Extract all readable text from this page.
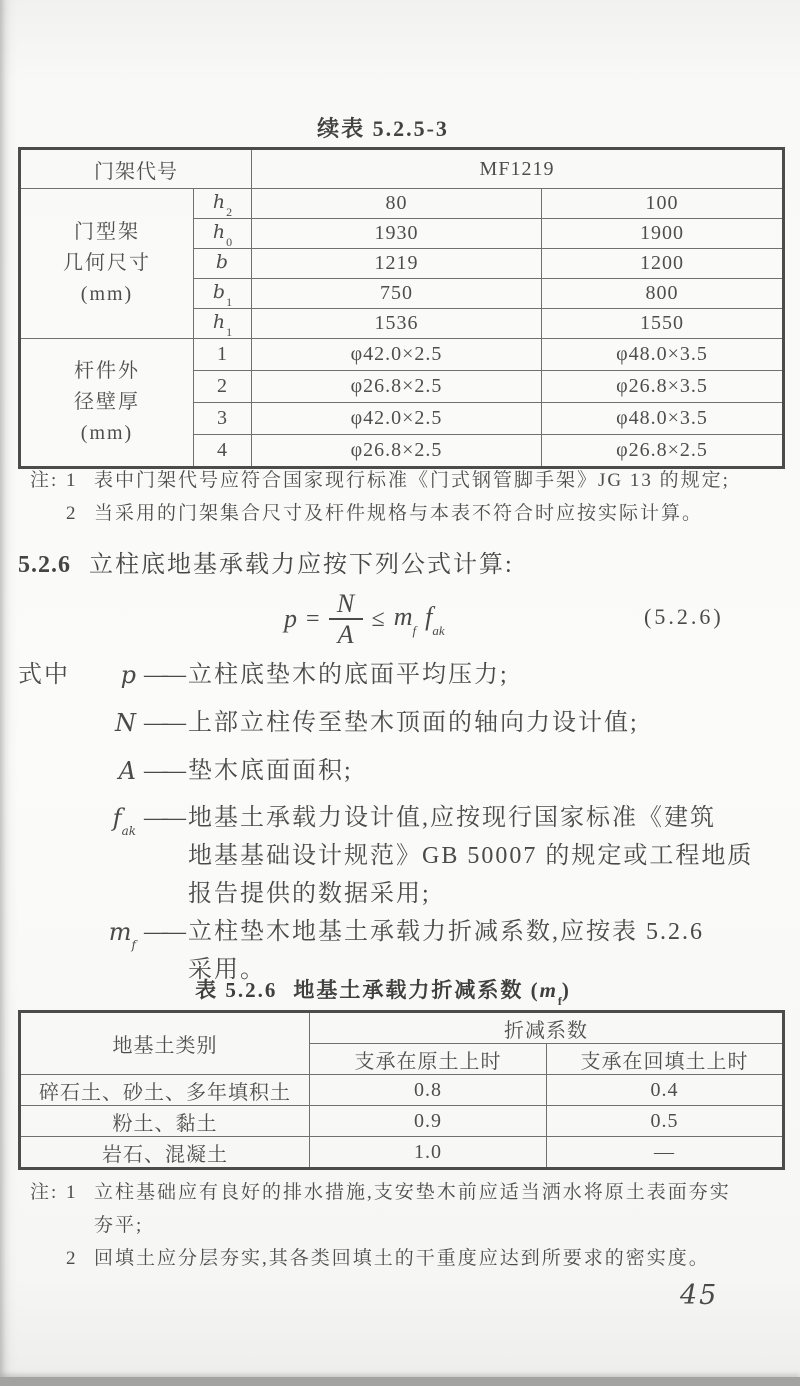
续表 5.2.5-3
门架代号		MF1219	

门型架
几何尺寸
(mm)	$h_2$	80	100
	$h_0$	1930	1900
	b	1219	1200
	$b_1$	750	800
	$h_1$	1536	1550

杆件外
径壁厚
(mm)	1	φ42.0×2.5	φ48.0×3.5
	2	φ26.8×2.5	φ26.8×3.5
	3	φ42.0×2.5	φ48.0×3.5
	4	φ26.8×2.5	φ26.8×2.5
注: 1 表中门架代号应符合国家现行标准《门式钢管脚手架》JG 13 的规定;
2 当采用的门架集合尺寸及杆件规格与本表不符合时应按实际计算。
5.2.6 立柱底地基承载力应按下列公式计算:
$p = \frac{N}{A} \le m_f$ $f_{ak}$
(5.2.6)
式中	p —— 立柱底垫木的底面平均压力;
N —— 上部立柱传至垫木顶面的轴向力设计值;
A —— 垫木底面面积;
$f_{ak}$ —— 地基土承载力设计值,应按现行国家标准《建筑
地基基础设计规范》GB 50007 的规定或工程地质
报告提供的数据采用;
$m_f$ —— 立柱垫木地基土承载力折减系数,应按表 5.2.6
采用。
表 5.2.6 地基土承载力折减系数 $(m_f)$
地基土类别	折减系数	
	支承在原土上时	支承在回填土上时
碎石土、砂土、多年填积土	0.8	0.4
粉土、黏土	0.9	0.5
岩石、混凝土	1.0	—
注: 1 立柱基础应有良好的排水措施,支安垫木前应适当洒水将原土表面夯实
夯平;
2 回填土应分层夯实,其各类回填土的干重度应达到所要求的密实度。
45
